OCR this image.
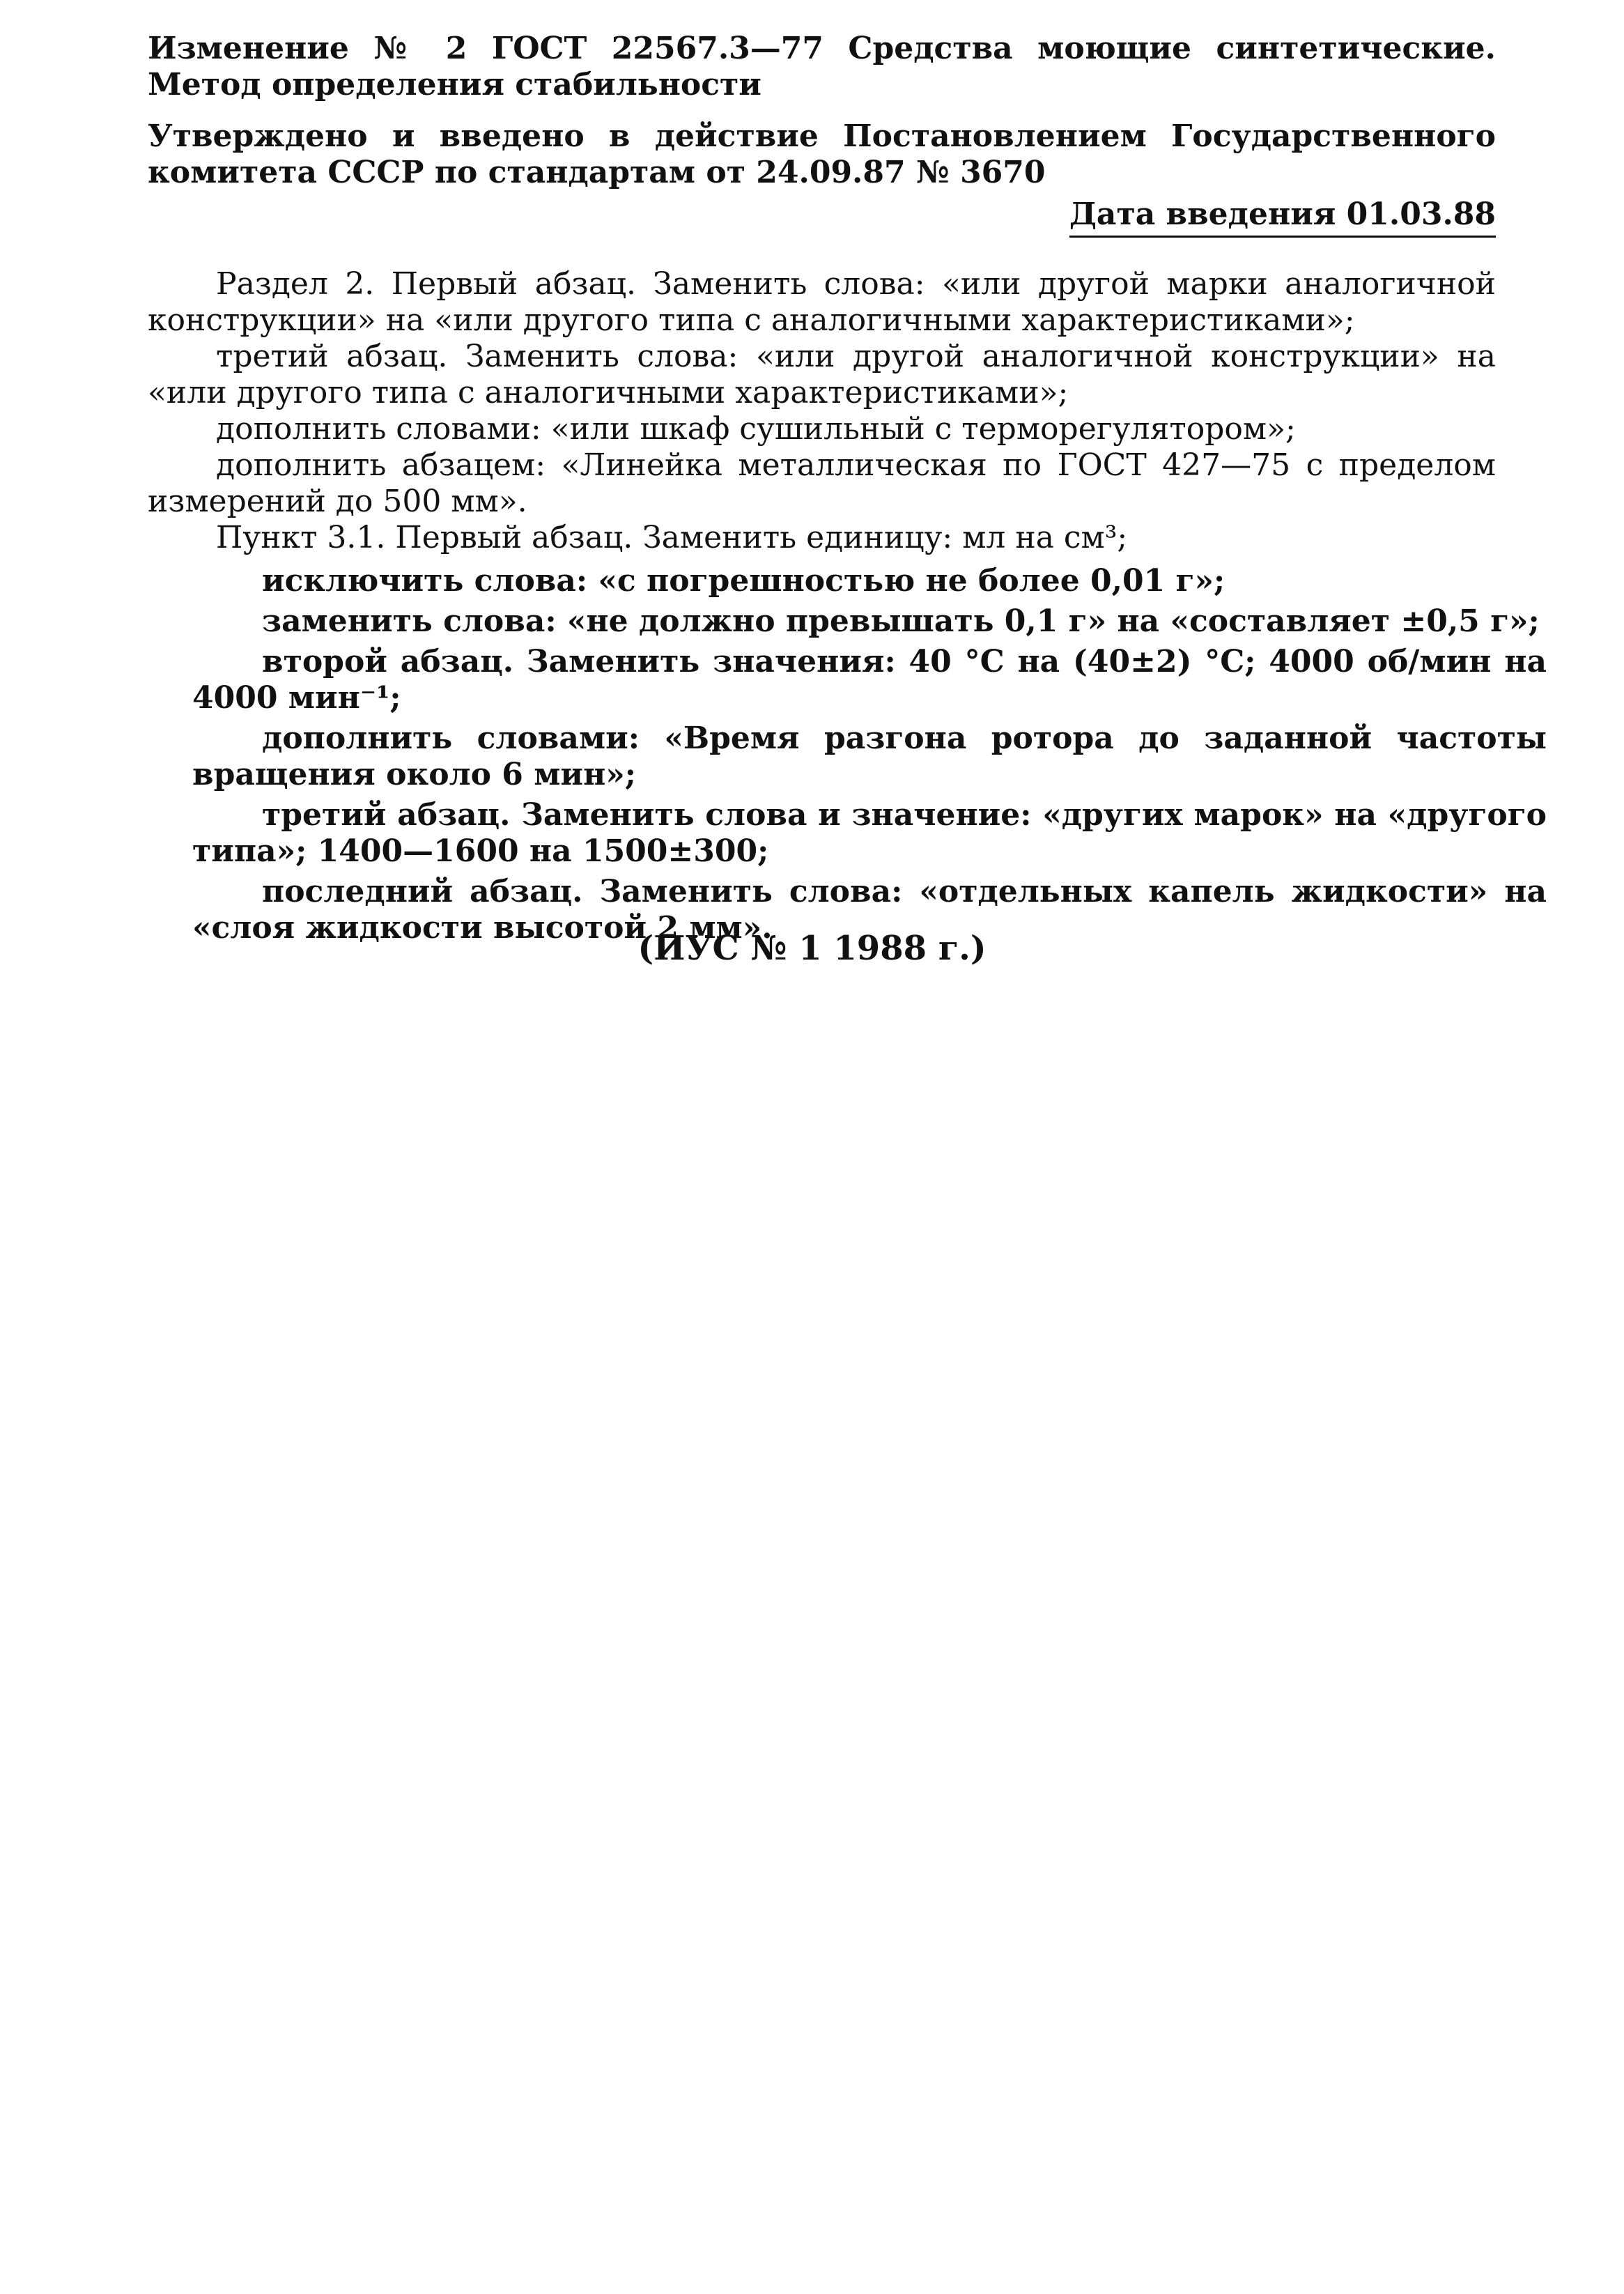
Изменение № 2 ГОСТ 22567.3—77 Средства моющие синтетические. Метод определения стабильности

Утверждено и введено в действие Постановлением Государственного комитета СССР по стандартам от 24.09.87 № 3670

Дата введения 01.03.88

Раздел 2. Первый абзац. Заменить слова: «или другой марки аналогичной конструкции» на «или другого типа с аналогичными характеристиками»;

третий абзац. Заменить слова: «или другой аналогичной конструкции» на «или другого типа с аналогичными характеристиками»;

дополнить словами: «или шкаф сушильный с терморегулятором»;

дополнить абзацем: «Линейка металлическая по ГОСТ 427—75 с пределом измерений до 500 мм».

Пункт 3.1. Первый абзац. Заменить единицу: мл на см³;

исключить слова: «с погрешностью не более 0,01 г»;

заменить слова: «не должно превышать 0,1 г» на «составляет ±0,5 г»;

второй абзац. Заменить значения: 40 °С на (40±2) °С; 4000 об/мин на 4000 мин⁻¹;

дополнить словами: «Время разгона ротора до заданной частоты вращения около 6 мин»;

третий абзац. Заменить слова и значение: «других марок» на «другого типа»; 1400—1600 на 1500±300;

последний абзац. Заменить слова: «отдельных капель жидкости» на «слоя жидкости высотой 2 мм».

(ИУС № 1 1988 г.)
